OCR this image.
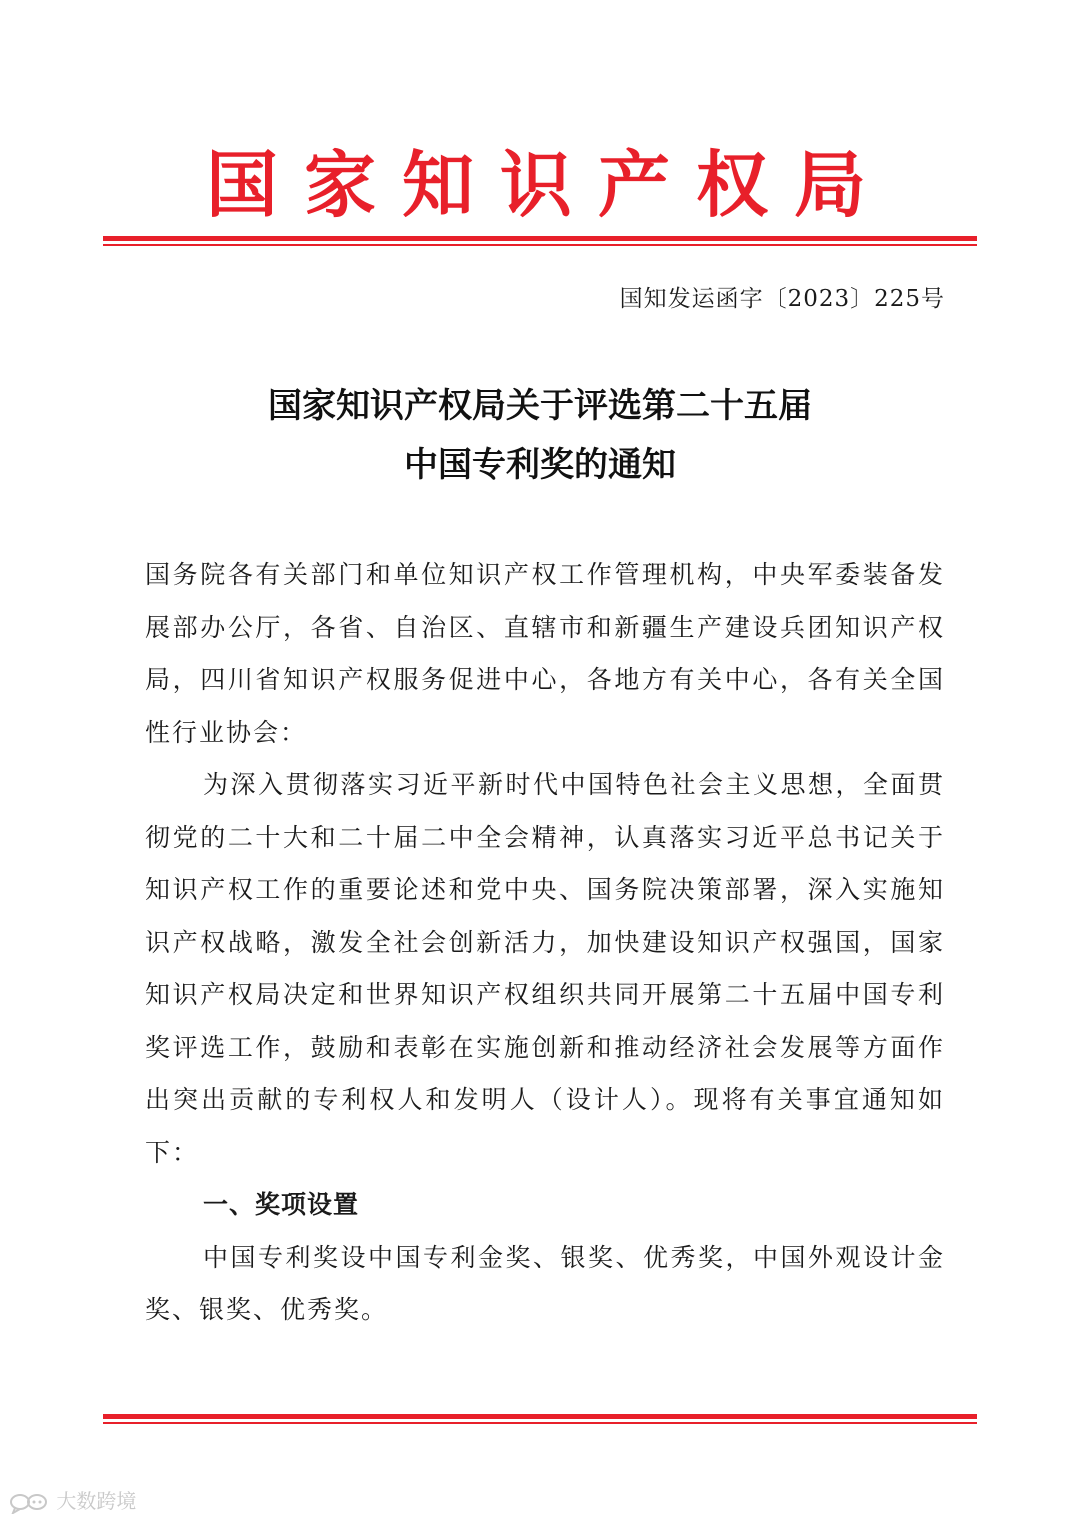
国家知识产权局
国知发运函字〔2023〕225号
国家知识产权局关于评选第二十五届
中国专利奖的通知

国务院各有关部门和单位知识产权工作管理机构，中央军委装备发展部办公厅，各省、自治区、直辖市和新疆生产建设兵团知识产权局，四川省知识产权服务促进中心，各地方有关中心，各有关全国性行业协会：

为深入贯彻落实习近平新时代中国特色社会主义思想，全面贯彻党的二十大和二十届二中全会精神，认真落实习近平总书记关于知识产权工作的重要论述和党中央、国务院决策部署，深入实施知识产权战略，激发全社会创新活力，加快建设知识产权强国，国家知识产权局决定和世界知识产权组织共同开展第二十五届中国专利奖评选工作，鼓励和表彰在实施创新和推动经济社会发展等方面作出突出贡献的专利权人和发明人（设计人）。现将有关事宜通知如下：

一、奖项设置

中国专利奖设中国专利金奖、银奖、优秀奖，中国外观设计金奖、银奖、优秀奖。

大数跨境
